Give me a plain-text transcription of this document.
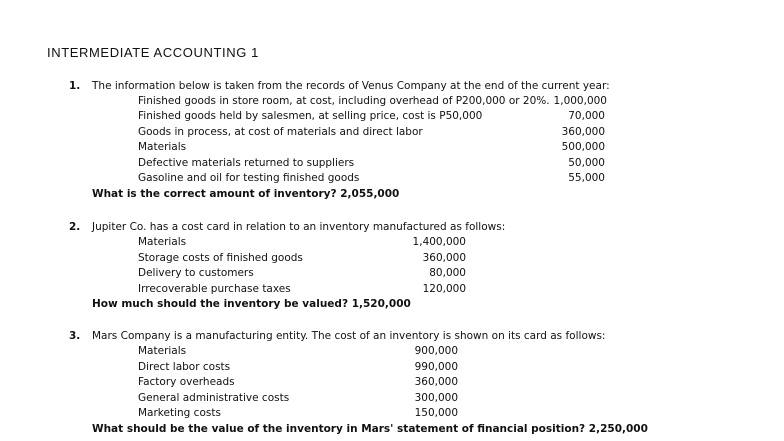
INTERMEDIATE ACCOUNTING 1
1. The information below is taken from the records of Venus Company at the end of the current year:
Finished goods in store room, at cost, including overhead of P200,000 or 20%. 1,000,000
Finished goods held by salesmen, at selling price, cost is P50,000	70,000
Goods in process, at cost of materials and direct labor	360,000
Materials	500,000
Defective materials returned to suppliers	50,000
Gasoline and oil for testing finished goods	55,000
What is the correct amount of inventory? 2,055,000
2. Jupiter Co. has a cost card in relation to an inventory manufactured as follows:
Materials	1,400,000
Storage costs of finished goods	360,000
Delivery to customers	80,000
Irrecoverable purchase taxes	120,000
How much should the inventory be valued? 1,520,000
3. Mars Company is a manufacturing entity. The cost of an inventory is shown on its card as follows:
Materials	900,000
Direct labor costs	990,000
Factory overheads	360,000
General administrative costs	300,000
Marketing costs	150,000
What should be the value of the inventory in Mars' statement of financial position? 2,250,000
